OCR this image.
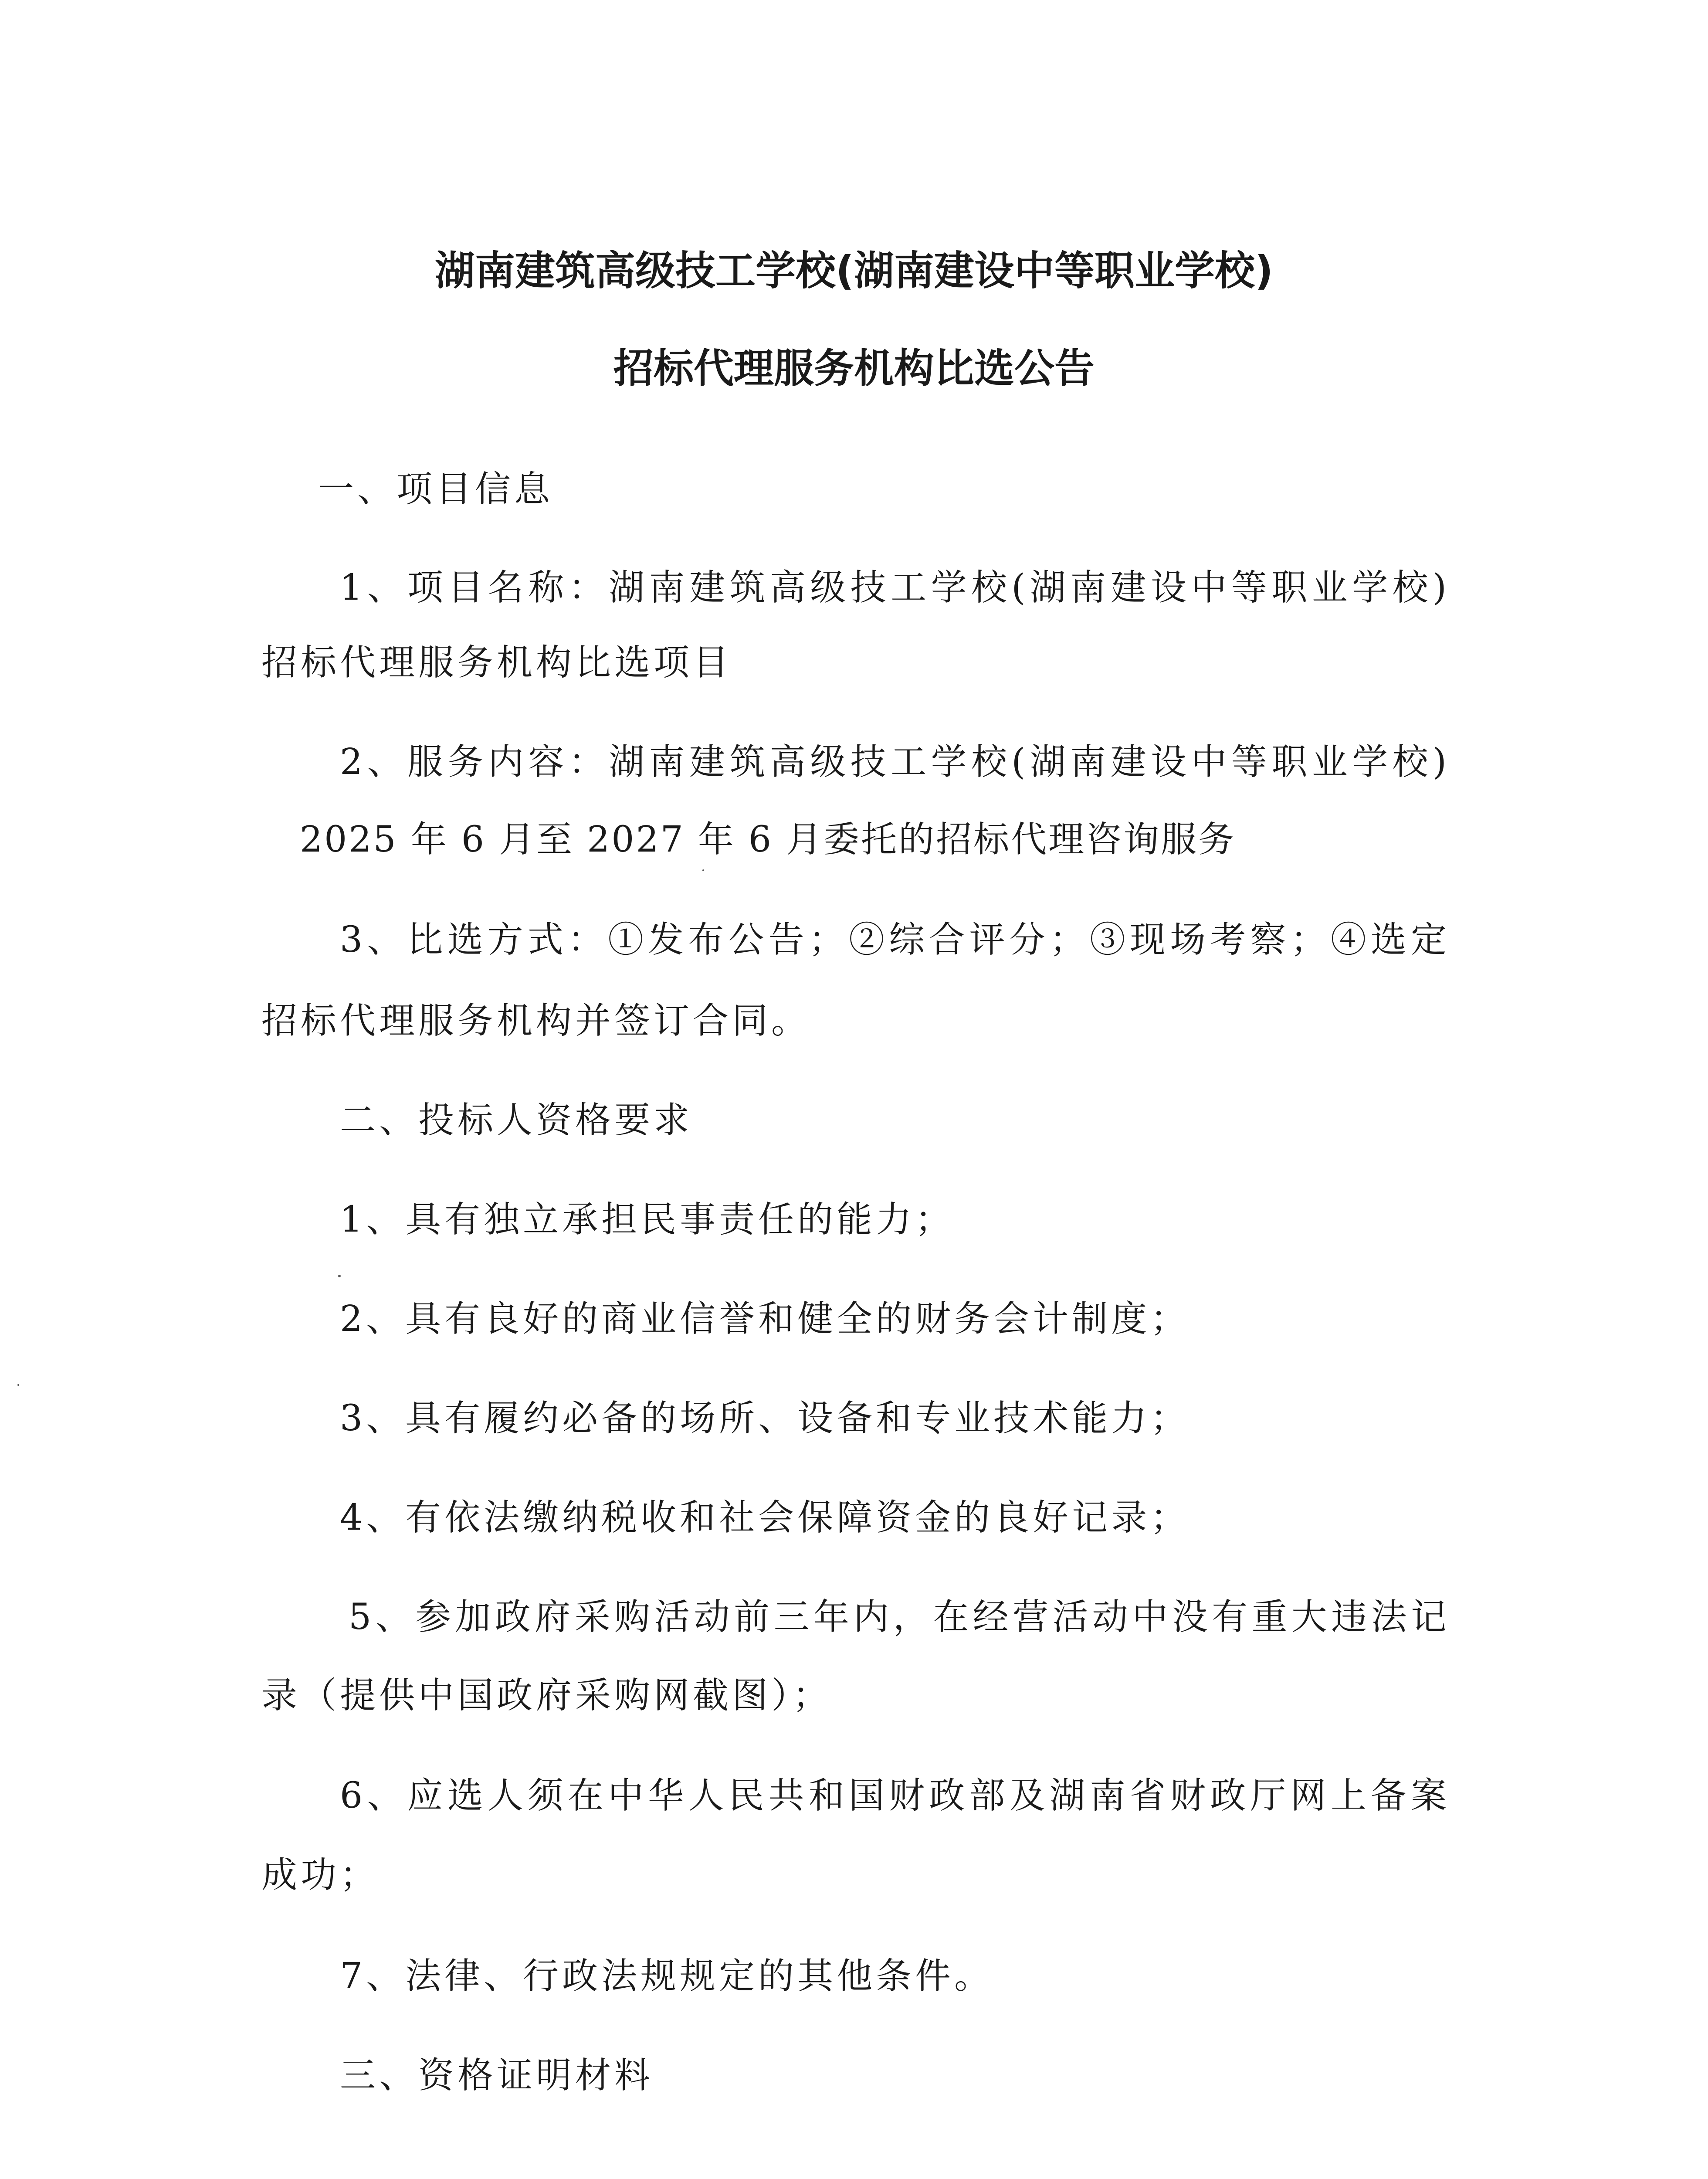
湖南建筑高级技工学校(湖南建设中等职业学校)
招标代理服务机构比选公告
一、项目信息
1、项目名称：湖南建筑高级技工学校(湖南建设中等职业学校)
招标代理服务机构比选项目
2、服务内容：湖南建筑高级技工学校(湖南建设中等职业学校)
2025 年 6 月至 2027 年 6 月委托的招标代理咨询服务
3、比选方式：①发布公告；②综合评分；③现场考察；④选定
招标代理服务机构并签订合同。
二、投标人资格要求
1、具有独立承担民事责任的能力；
2、具有良好的商业信誉和健全的财务会计制度；
3、具有履约必备的场所、设备和专业技术能力；
4、有依法缴纳税收和社会保障资金的良好记录；
5、参加政府采购活动前三年内，在经营活动中没有重大违法记
录（提供中国政府采购网截图）；
6、应选人须在中华人民共和国财政部及湖南省财政厅网上备案
成功；
7、法律、行政法规规定的其他条件。
三、资格证明材料
